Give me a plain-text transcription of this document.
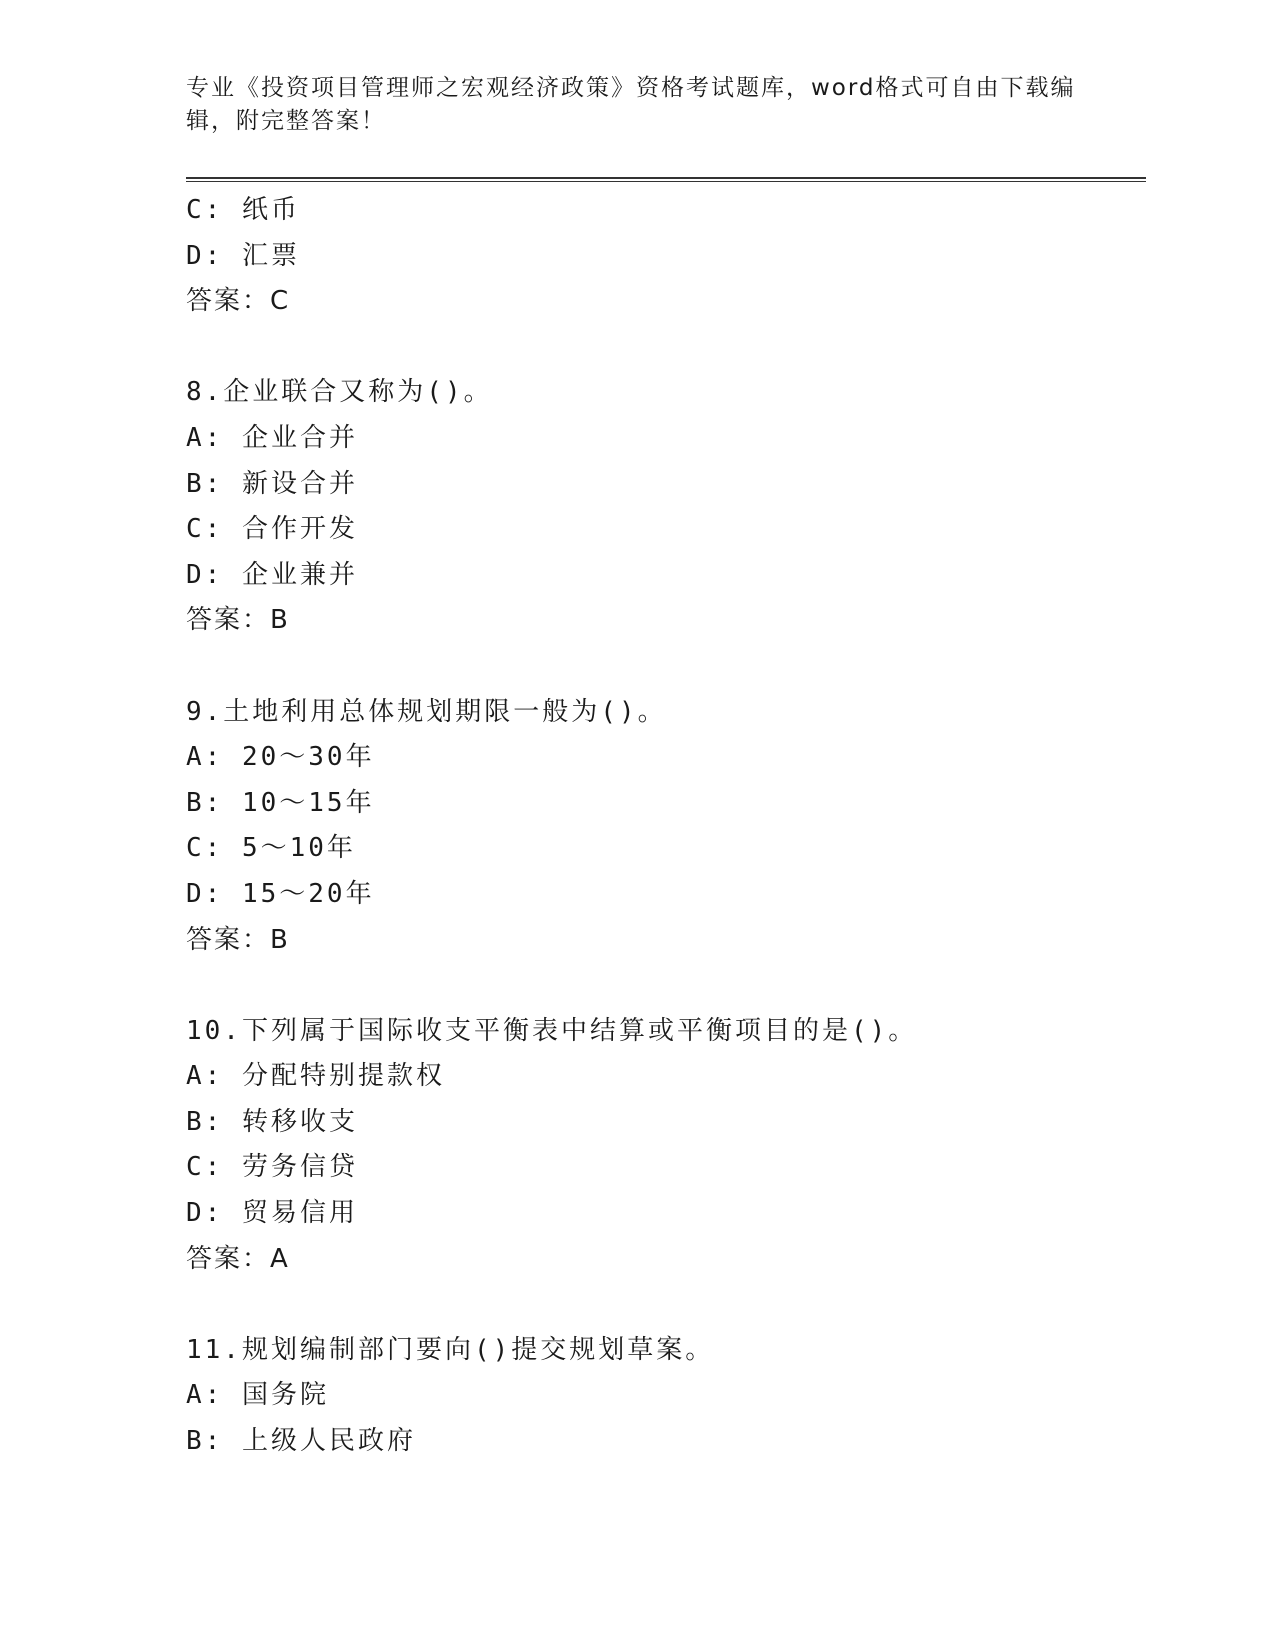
专业《投资项目管理师之宏观经济政策》资格考试题库，word格式可自由下载编
辑，附完整答案！
C: 纸币
D: 汇票
答案：C
8.企业联合又称为()。
A: 企业合并
B: 新设合并
C: 合作开发
D: 企业兼并
答案：B
9.土地利用总体规划期限一般为()。
A: 20～30年
B: 10～15年
C: 5～10年
D: 15～20年
答案：B
10.下列属于国际收支平衡表中结算或平衡项目的是()。
A: 分配特别提款权
B: 转移收支
C: 劳务信贷
D: 贸易信用
答案：A
11.规划编制部门要向()提交规划草案。
A: 国务院
B: 上级人民政府
